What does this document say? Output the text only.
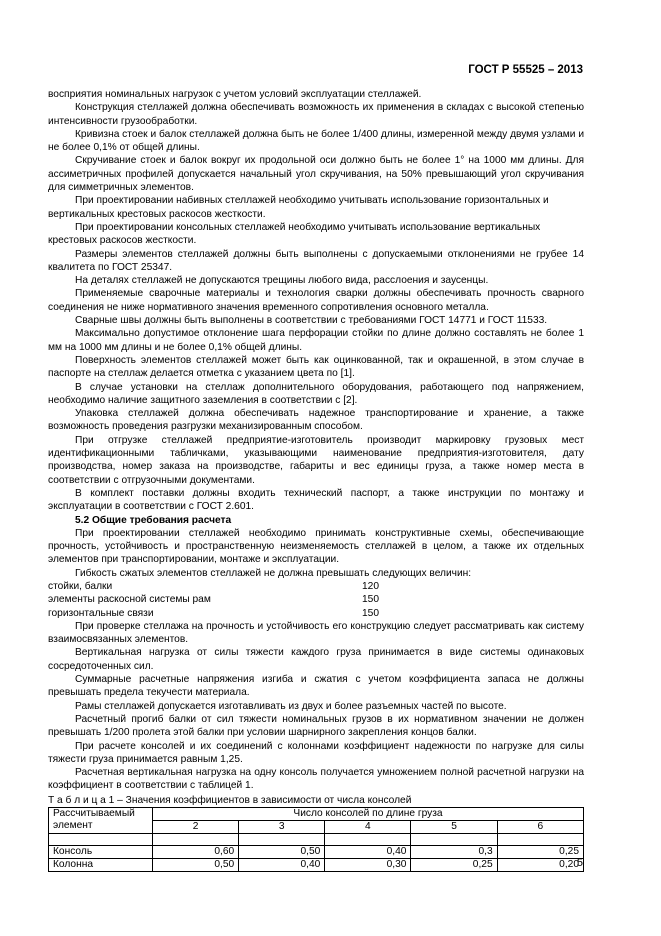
ГОСТ Р 55525 – 2013

восприятия номинальных нагрузок с учетом условий эксплуатации стеллажей.

Конструкция стеллажей должна обеспечивать возможность их применения в складах с высокой степенью интенсивности грузообработки.

Кривизна стоек и балок стеллажей должна быть не более 1/400 длины, измеренной между двумя узлами и не более 0,1% от общей длины.

Скручивание стоек и балок вокруг их продольной оси должно быть не более 1° на 1000 мм длины. Для ассиметричных профилей допускается начальный угол скручивания, на 50% превышающий угол скручивания для симметричных элементов.

При проектировании набивных стеллажей необходимо учитывать использование горизонтальных и вертикальных крестовых раскосов жесткости.

При проектировании консольных стеллажей необходимо учитывать использование вертикальных крестовых раскосов жесткости.

Размеры элементов стеллажей должны быть выполнены с допускаемыми отклонениями не грубее 14 квалитета по ГОСТ 25347.

На деталях стеллажей не допускаются трещины любого вида, расслоения и заусенцы.

Применяемые сварочные материалы и технология сварки должны обеспечивать прочность сварного соединения не ниже нормативного значения временного сопротивления основного металла.

Сварные швы должны быть выполнены в соответствии с требованиями ГОСТ 14771 и ГОСТ 11533.

Максимально допустимое отклонение шага перфорации стойки по длине должно составлять не более 1 мм на 1000 мм длины и не более 0,1% общей длины.

Поверхность элементов стеллажей может быть как оцинкованной, так и окрашенной, в этом случае в паспорте на стеллаж делается отметка с указанием цвета по [1].

В случае установки на стеллаж дополнительного оборудования, работающего под напряжением, необходимо наличие защитного заземления в соответствии с [2].

Упаковка стеллажей должна обеспечивать надежное транспортирование и хранение, а также возможность проведения разгрузки механизированным способом.

При отгрузке стеллажей предприятие-изготовитель производит маркировку грузовых мест идентификационными табличками, указывающими наименование предприятия-изготовителя, дату производства, номер заказа на производстве, габариты и вес единицы груза, а также номер места в соответствии с отгрузочными документами.

В комплект поставки должны входить технический паспорт, а также инструкции по монтажу и эксплуатации в соответствии с ГОСТ 2.601.

5.2 Общие требования расчета

При проектировании стеллажей необходимо принимать конструктивные схемы, обеспечивающие прочность, устойчивость и пространственную неизменяемость стеллажей в целом, а также их отдельных элементов при транспортировании, монтаже и эксплуатации.

Гибкость сжатых элементов стеллажей не должна превышать следующих величин:

стойки, балки	120
элементы раскосной системы рам	150
горизонтальные связи	150

При проверке стеллажа на прочность и устойчивость его конструкцию следует рассматривать как систему взаимосвязанных элементов.

Вертикальная нагрузка от силы тяжести каждого груза принимается в виде системы одинаковых сосредоточенных сил.

Суммарные расчетные напряжения изгиба и сжатия с учетом коэффициента запаса не должны превышать предела текучести материала.

Рамы стеллажей допускается изготавливать из двух и более разъемных частей по высоте.

Расчетный прогиб балки от сил тяжести номинальных грузов в их нормативном значении не должен превышать 1/200 пролета этой балки при условии шарнирного закрепления концов балки.

При расчете консолей и их соединений с колоннами коэффициент надежности по нагрузке для силы тяжести груза принимается равным 1,25.

Расчетная вертикальная нагрузка на одну консоль получается умножением полной расчетной нагрузки на коэффициент в соответствии с таблицей 1.

Т а б л и ц а 1 – Значения коэффициентов в зависимости от числа консолей
Рассчитываемый
элемент	Число консолей по длине груза				
	2	3	4	5	6

Консоль	0,60	0,50	0,40	0,3	0,25
Колонна	0,50	0,40	0,30	0,25	0,20
5
